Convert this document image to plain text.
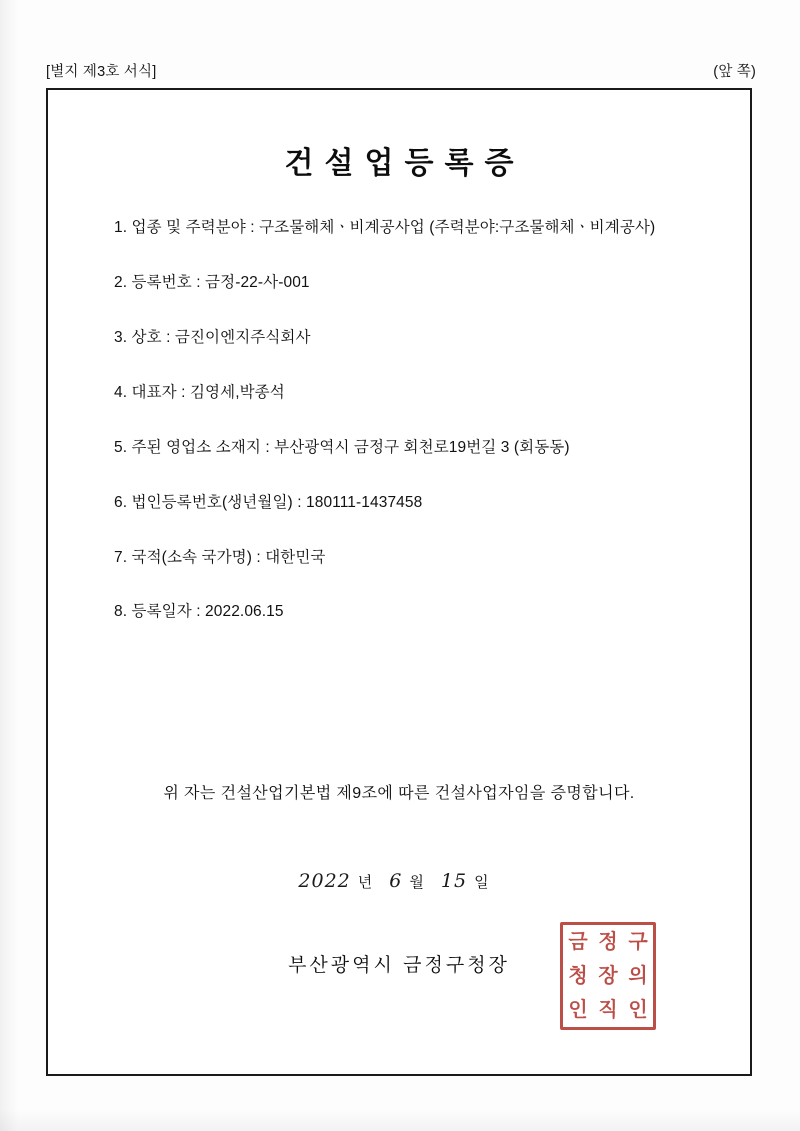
[별지 제3호 서식]	(앞 쪽)
건설업등록증
1. 업종 및 주력분야 : 구조물해체ㆍ비계공사업 (주력분야:구조물해체ㆍ비계공사)
2. 등록번호 : 금정-22-사-001
3. 상호 : 금진이엔지주식회사
4. 대표자 : 김영세,박종석
5. 주된 영업소 소재지 : 부산광역시 금정구 회천로19번길 3 (회동동)
6. 법인등록번호(생년월일) : 180111-1437458
7. 국적(소속 국가명) : 대한민국
8. 등록일자 : 2022.06.15
위 자는 건설산업기본법 제9조에 따른 건설사업자임을 증명합니다.
2022 년 6 월 15 일
부산광역시 금정구청장
금 정 구
청 장 의
인 직 인
